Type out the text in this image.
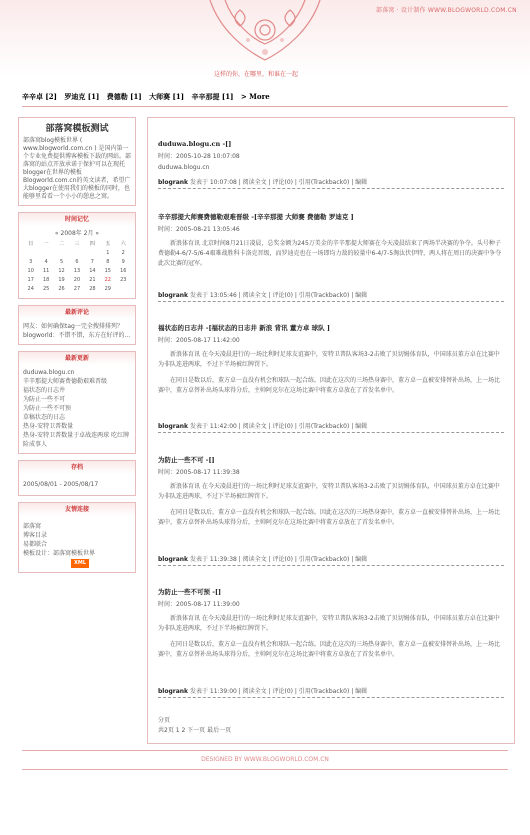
部落窝 · 设计制作 WWW.BLOGWORLD.COM.CN
这样的你，在哪里，和谁在一起
辛辛卓 [2] 罗迪克 [1] 费德勒 [1] 大师赛 [1] 辛辛那提 [1] > More
部落窝模板测试
部落窝blog模板世界 ( www.blogworld.com.cn ) 是国内第一个专业免费提供博客模板下载的网站。部落窝的站点开放承诺于保护可以在现托blogger在世界的模板Blogworld.com.cn的英文读者，希望广大blogger在使用我们的模板的同时，也能够里看看一个小小的憩息之窝。
时间记忆
« 2008年 2月 »
日	一	二	三	四	五	六
					1	2
3	4	5	6	7	8	9
10	11	12	13	14	15	16
17	18	19	20	21	22	23
24	25	26	27	28	29	
最新评论
网友：如何确保tag一完全搜排排列？
blogworld：不错不错，东方在好评的...
最新更新
duduwa.blogu.cn
辛辛那提大师赛费德勒艰难晋级
福状态的日志井
为防止一些不可
为防止一些不可预
草稿状态的日志
热身-安特卫普数量
热身-安特卫普数量于卓战连两球 吃红牌险成事人
存档
2005/08/01 - 2005/08/17
友情连接
部落窝
博客目录
易都联合
模板设计：部落窝模板世界
XML
duduwa.blogu.cn -[]
时间：2005-10-28 10:07:08
duduwa.blogu.cn
blogrank 发表于 10:07:08 | 阅读全文 | 评论(0) | 引用(Trackback0) | 编辑
辛辛那提大师赛费德勒艰难晋级 -[辛辛那提 大师赛 费德勒 罗迪克 ]
时间：2005-08-21 13:05:46
新浪体育讯 北京时间8月21日凌晨，总奖金额为245万美金的辛辛那提大师赛在今天凌晨结束了两场半决赛的争夺。头号种子费德勒4-6/7-5/6-4艰难战胜科卡洛克晋级，而罗迪克也在一场即均力敌的较量中6-4/7-5淘汰伏伊特，两人将在周日的决赛中争夺此次比赛的冠军。
blogrank 发表于 13:05:46 | 阅读全文 | 评论(0) | 引用(Trackback0) | 编辑
福状态的日志井 -[福状态的日志井 新浪 背讯 董方卓 球队 ]
时间：2005-08-17 11:42:00
新浪体育讯 在今天凌晨进行的一场比利时足球友谊赛中，安特卫普队客场3-2击败了贝切姆体育队，中国球员董方卓在比赛中为非队连进两球，不过下半场被红牌罚下。
在同日是数以后，董方卓一直没有机会和球队一起合练。因此在这次的三场热身赛中，董方卓一直被安排替补出场，上一场比赛中，董方卓替补出场头球得分后，主帅阿克尔在这场比赛中将董方卓放在了首发名单中。
blogrank 发表于 11:42:00 | 阅读全文 | 评论(0) | 引用(Trackback0) | 编辑
为防止一些不可 -[]
时间：2005-08-17 11:39:38
新浪体育讯 在今天凌晨进行的一场比利时足球友谊赛中，安特卫普队客场3-2击败了贝切姆体育队，中国球员董方卓在比赛中为非队连进两球，不过下半场被红牌罚下。
在同日是数以后，董方卓一直没有机会和球队一起合练。因此在这次的三场热身赛中，董方卓一直被安排替补出场，上一场比赛中，董方卓替补出场头球得分后，主帅阿克尔在这场比赛中将董方卓放在了首发名单中。
blogrank 发表于 11:39:38 | 阅读全文 | 评论(0) | 引用(Trackback0) | 编辑
为防止一些不可预 -[]
时间：2005-08-17 11:39:00
新浪体育讯 在今天凌晨进行的一场比利时足球友谊赛中，安特卫普队客场3-2击败了贝切姆体育队，中国球员董方卓在比赛中为非队连进两球，不过下半场被红牌罚下。
在同日是数以后，董方卓一直没有机会和球队一起合练。因此在这次的三场热身赛中，董方卓一直被安排替补出场，上一场比赛中，董方卓替补出场头球得分后，主帅阿克尔在这场比赛中将董方卓放在了首发名单中。
blogrank 发表于 11:39:00 | 阅读全文 | 评论(0) | 引用(Trackback0) | 编辑
分页
共2页 1 2 下一页 最后一页
DESIGNED BY WWW.BLOGWORLD.COM.CN
